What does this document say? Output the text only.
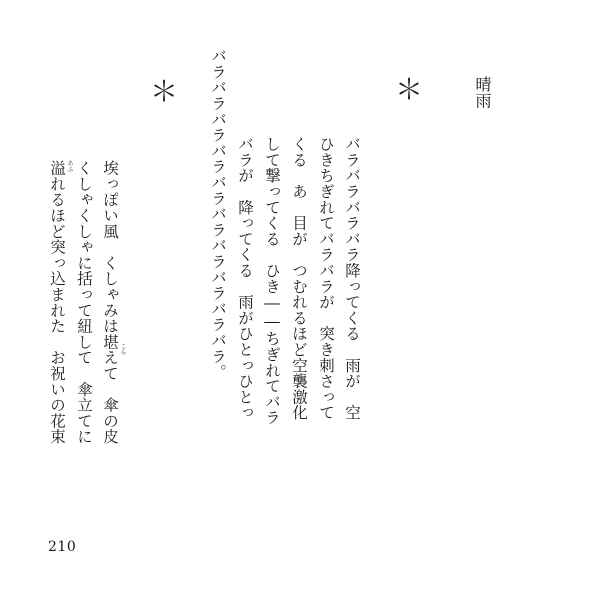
晴雨
＊
バラバラバラバラ降ってくる　雨が　空
ひきちぎれてバラバラが　突き刺さって
くる　あ　目が　つむれるほど空襲激化
して撃ってくる　ひき――ちぎれてバラ
バラが　降ってくる　雨がひとっひとっ
バラバラバラバラバラバラバラバラバラバラ。
＊
埃っぽい風　くしゃみは堪えて　傘の皮 こら
くしゃくしゃに括って紐して　傘立てに
溢れるほど突っ込まれた　お祝いの花束 あふ
210
